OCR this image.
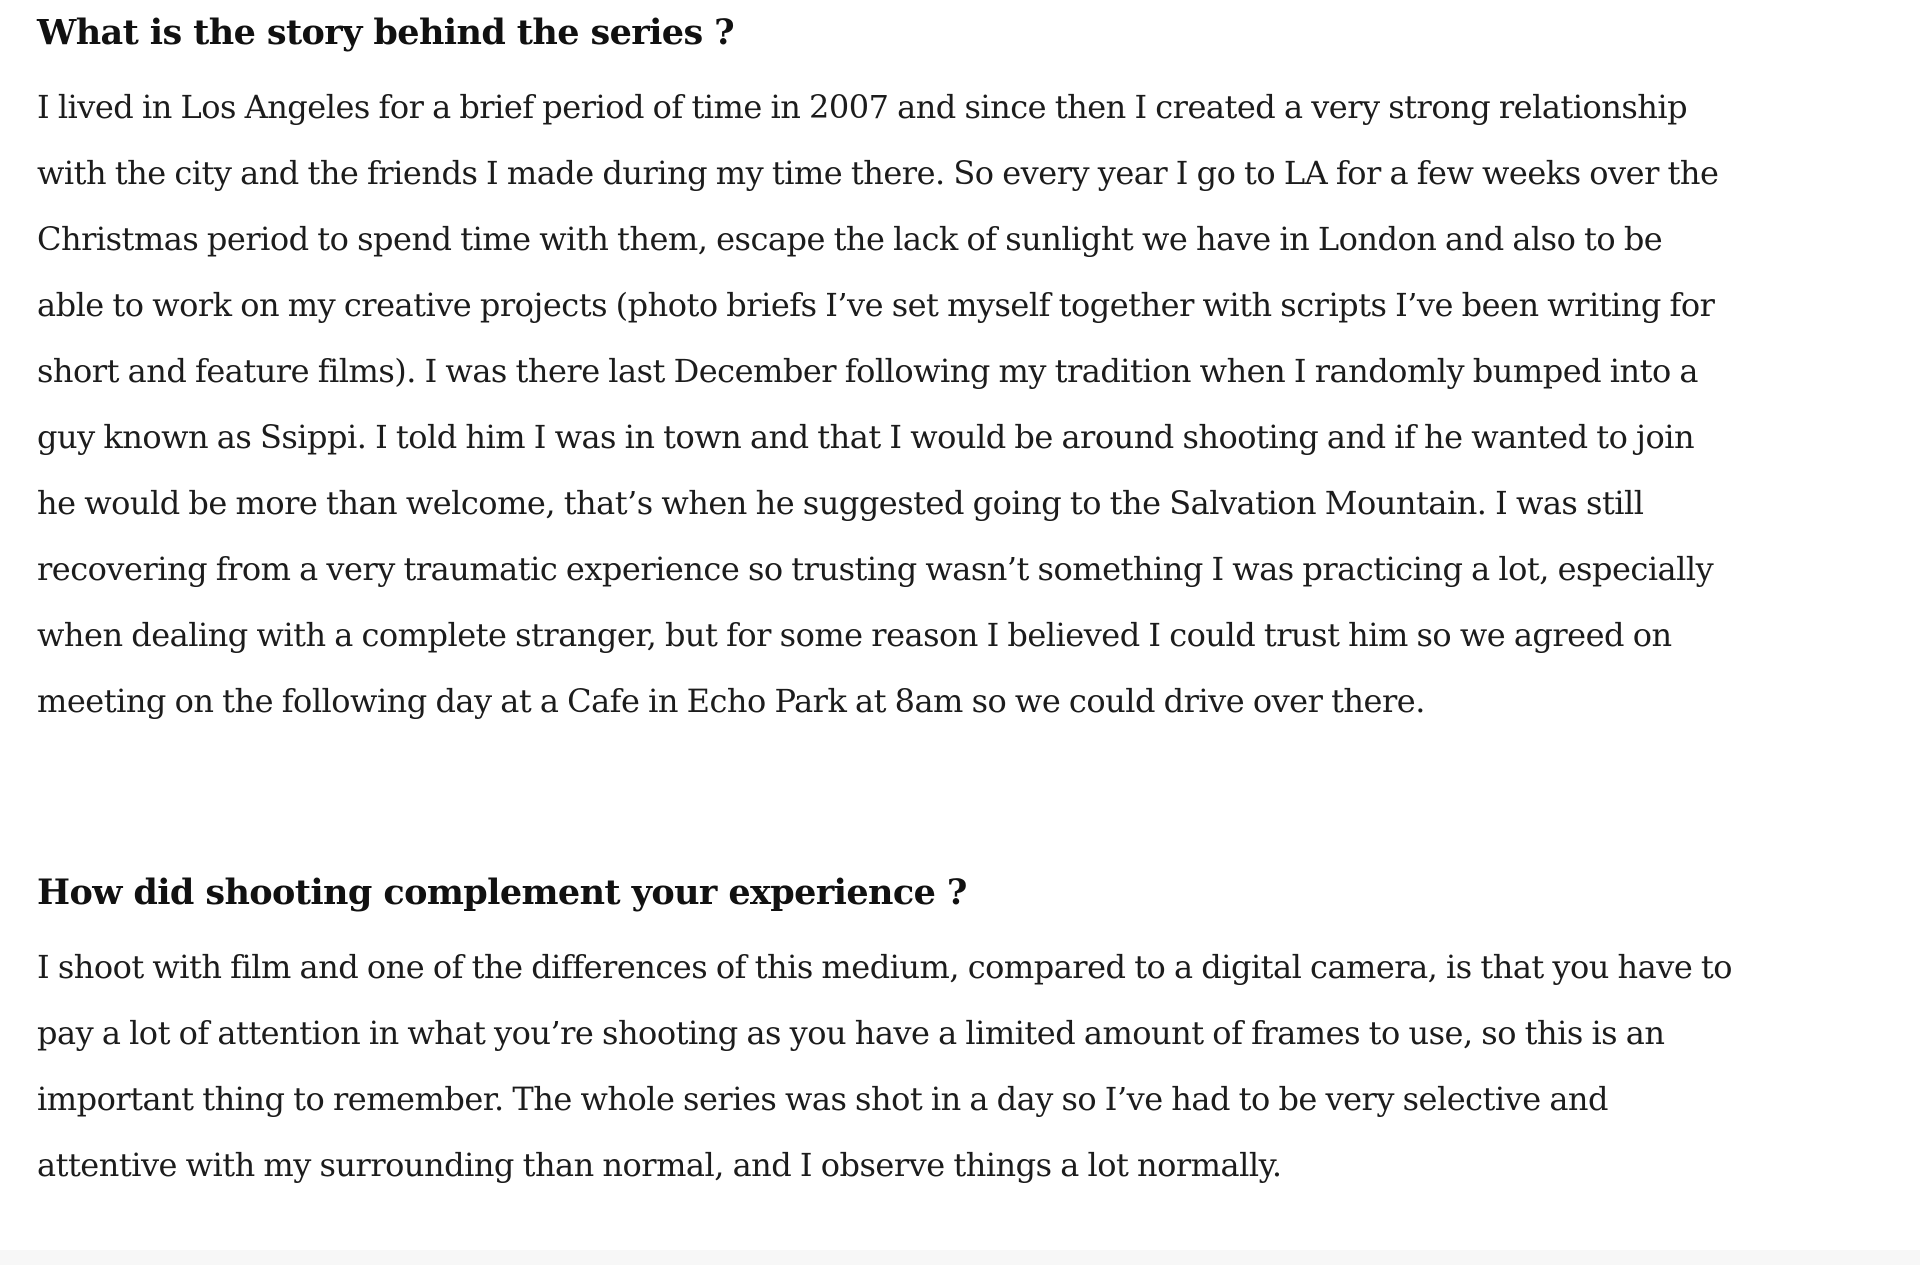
What is the story behind the series ?

I lived in Los Angeles for a brief period of time in 2007 and since then I created a very strong relationship with the city and the friends I made during my time there. So every year I go to LA for a few weeks over the Christmas period to spend time with them, escape the lack of sunlight we have in London and also to be able to work on my creative projects (photo briefs I’ve set myself together with scripts I’ve been writing for short and feature films). I was there last December following my tradition when I randomly bumped into a guy known as Ssippi. I told him I was in town and that I would be around shooting and if he wanted to join he would be more than welcome, that’s when he suggested going to the Salvation Mountain. I was still recovering from a very traumatic experience so trusting wasn’t something I was practicing a lot, especially when dealing with a complete stranger, but for some reason I believed I could trust him so we agreed on meeting on the following day at a Cafe in Echo Park at 8am so we could drive over there.

How did shooting complement your experience ?

I shoot with film and one of the differences of this medium, compared to a digital camera, is that you have to pay a lot of attention in what you’re shooting as you have a limited amount of frames to use, so this is an important thing to remember. The whole series was shot in a day so I’ve had to be very selective and attentive with my surrounding than normal, and I observe things a lot normally.
